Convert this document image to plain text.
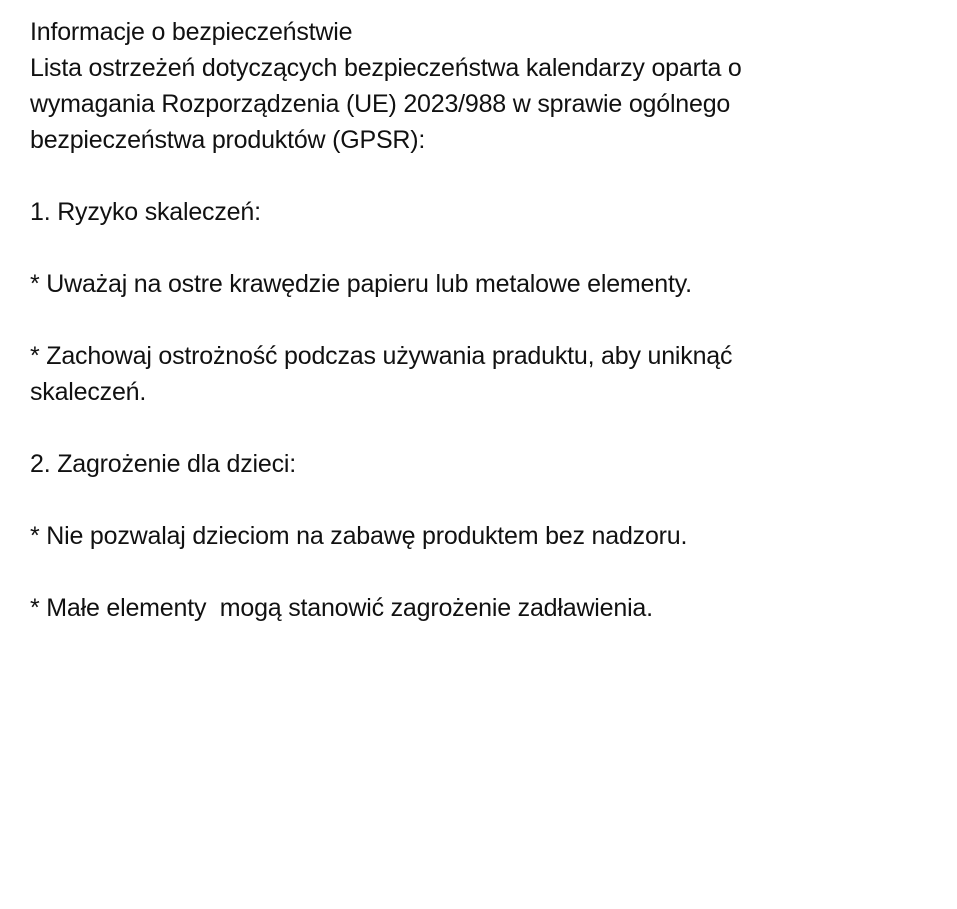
Informacje o bezpieczeństwie
Lista ostrzeżeń dotyczących bezpieczeństwa kalendarzy oparta o
wymagania Rozporządzenia (UE) 2023/988 w sprawie ogólnego
bezpieczeństwa produktów (GPSR):
1. Ryzyko skaleczeń:
* Uważaj na ostre krawędzie papieru lub metalowe elementy.
* Zachowaj ostrożność podczas używania praduktu, aby uniknąć
skaleczeń.
2. Zagrożenie dla dzieci:
* Nie pozwalaj dzieciom na zabawę produktem bez nadzoru.
* Małe elementy  mogą stanowić zagrożenie zadławienia.
